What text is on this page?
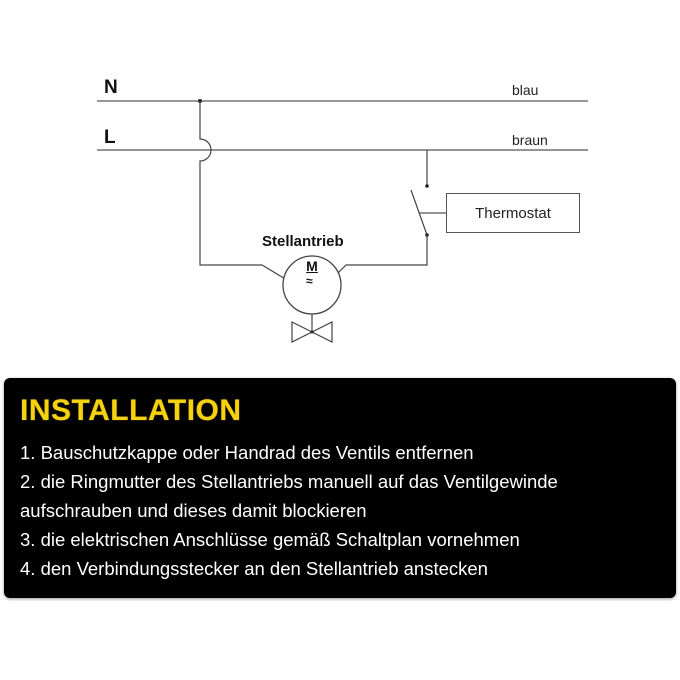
N
L
blau
braun
Thermostat
Stellantrieb
M
≈
INSTALLATION
1. Bauschutzkappe oder Handrad des Ventils entfernen
2. die Ringmutter des Stellantriebs manuell auf das Ventilgewinde
aufschrauben und dieses damit blockieren
3. die elektrischen Anschlüsse gemäß Schaltplan vornehmen
4. den Verbindungsstecker an den Stellantrieb anstecken
